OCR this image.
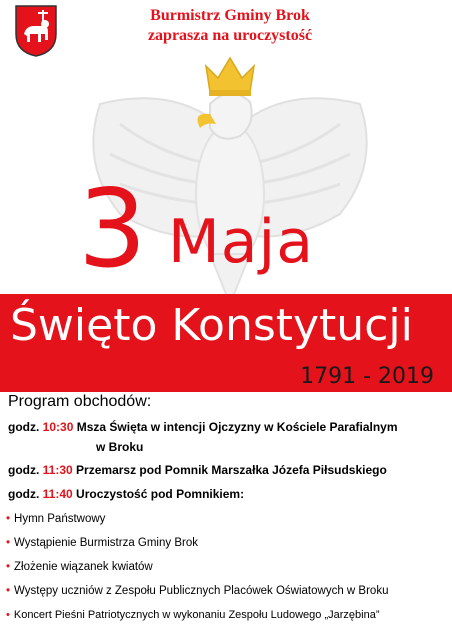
Burmistrz Gminy Brok
zaprasza na uroczystość
3 Maja
Święto Konstytucji
1791 - 2019
Program obchodów:
godz. 10:30 Msza Święta w intencji Ojczyzny w Kościele Parafialnym
w Broku
godz. 11:30 Przemarsz pod Pomnik Marszałka Józefa Piłsudskiego
godz. 11:40 Uroczystość pod Pomnikiem:
• Hymn Państwowy
• Wystąpienie Burmistrza Gminy Brok
• Złożenie wiązanek kwiatów
• Występy uczniów z Zespołu Publicznych Placówek Oświatowych w Broku
• Koncert Pieśni Patriotycznych w wykonaniu Zespołu Ludowego „Jarzębina”
